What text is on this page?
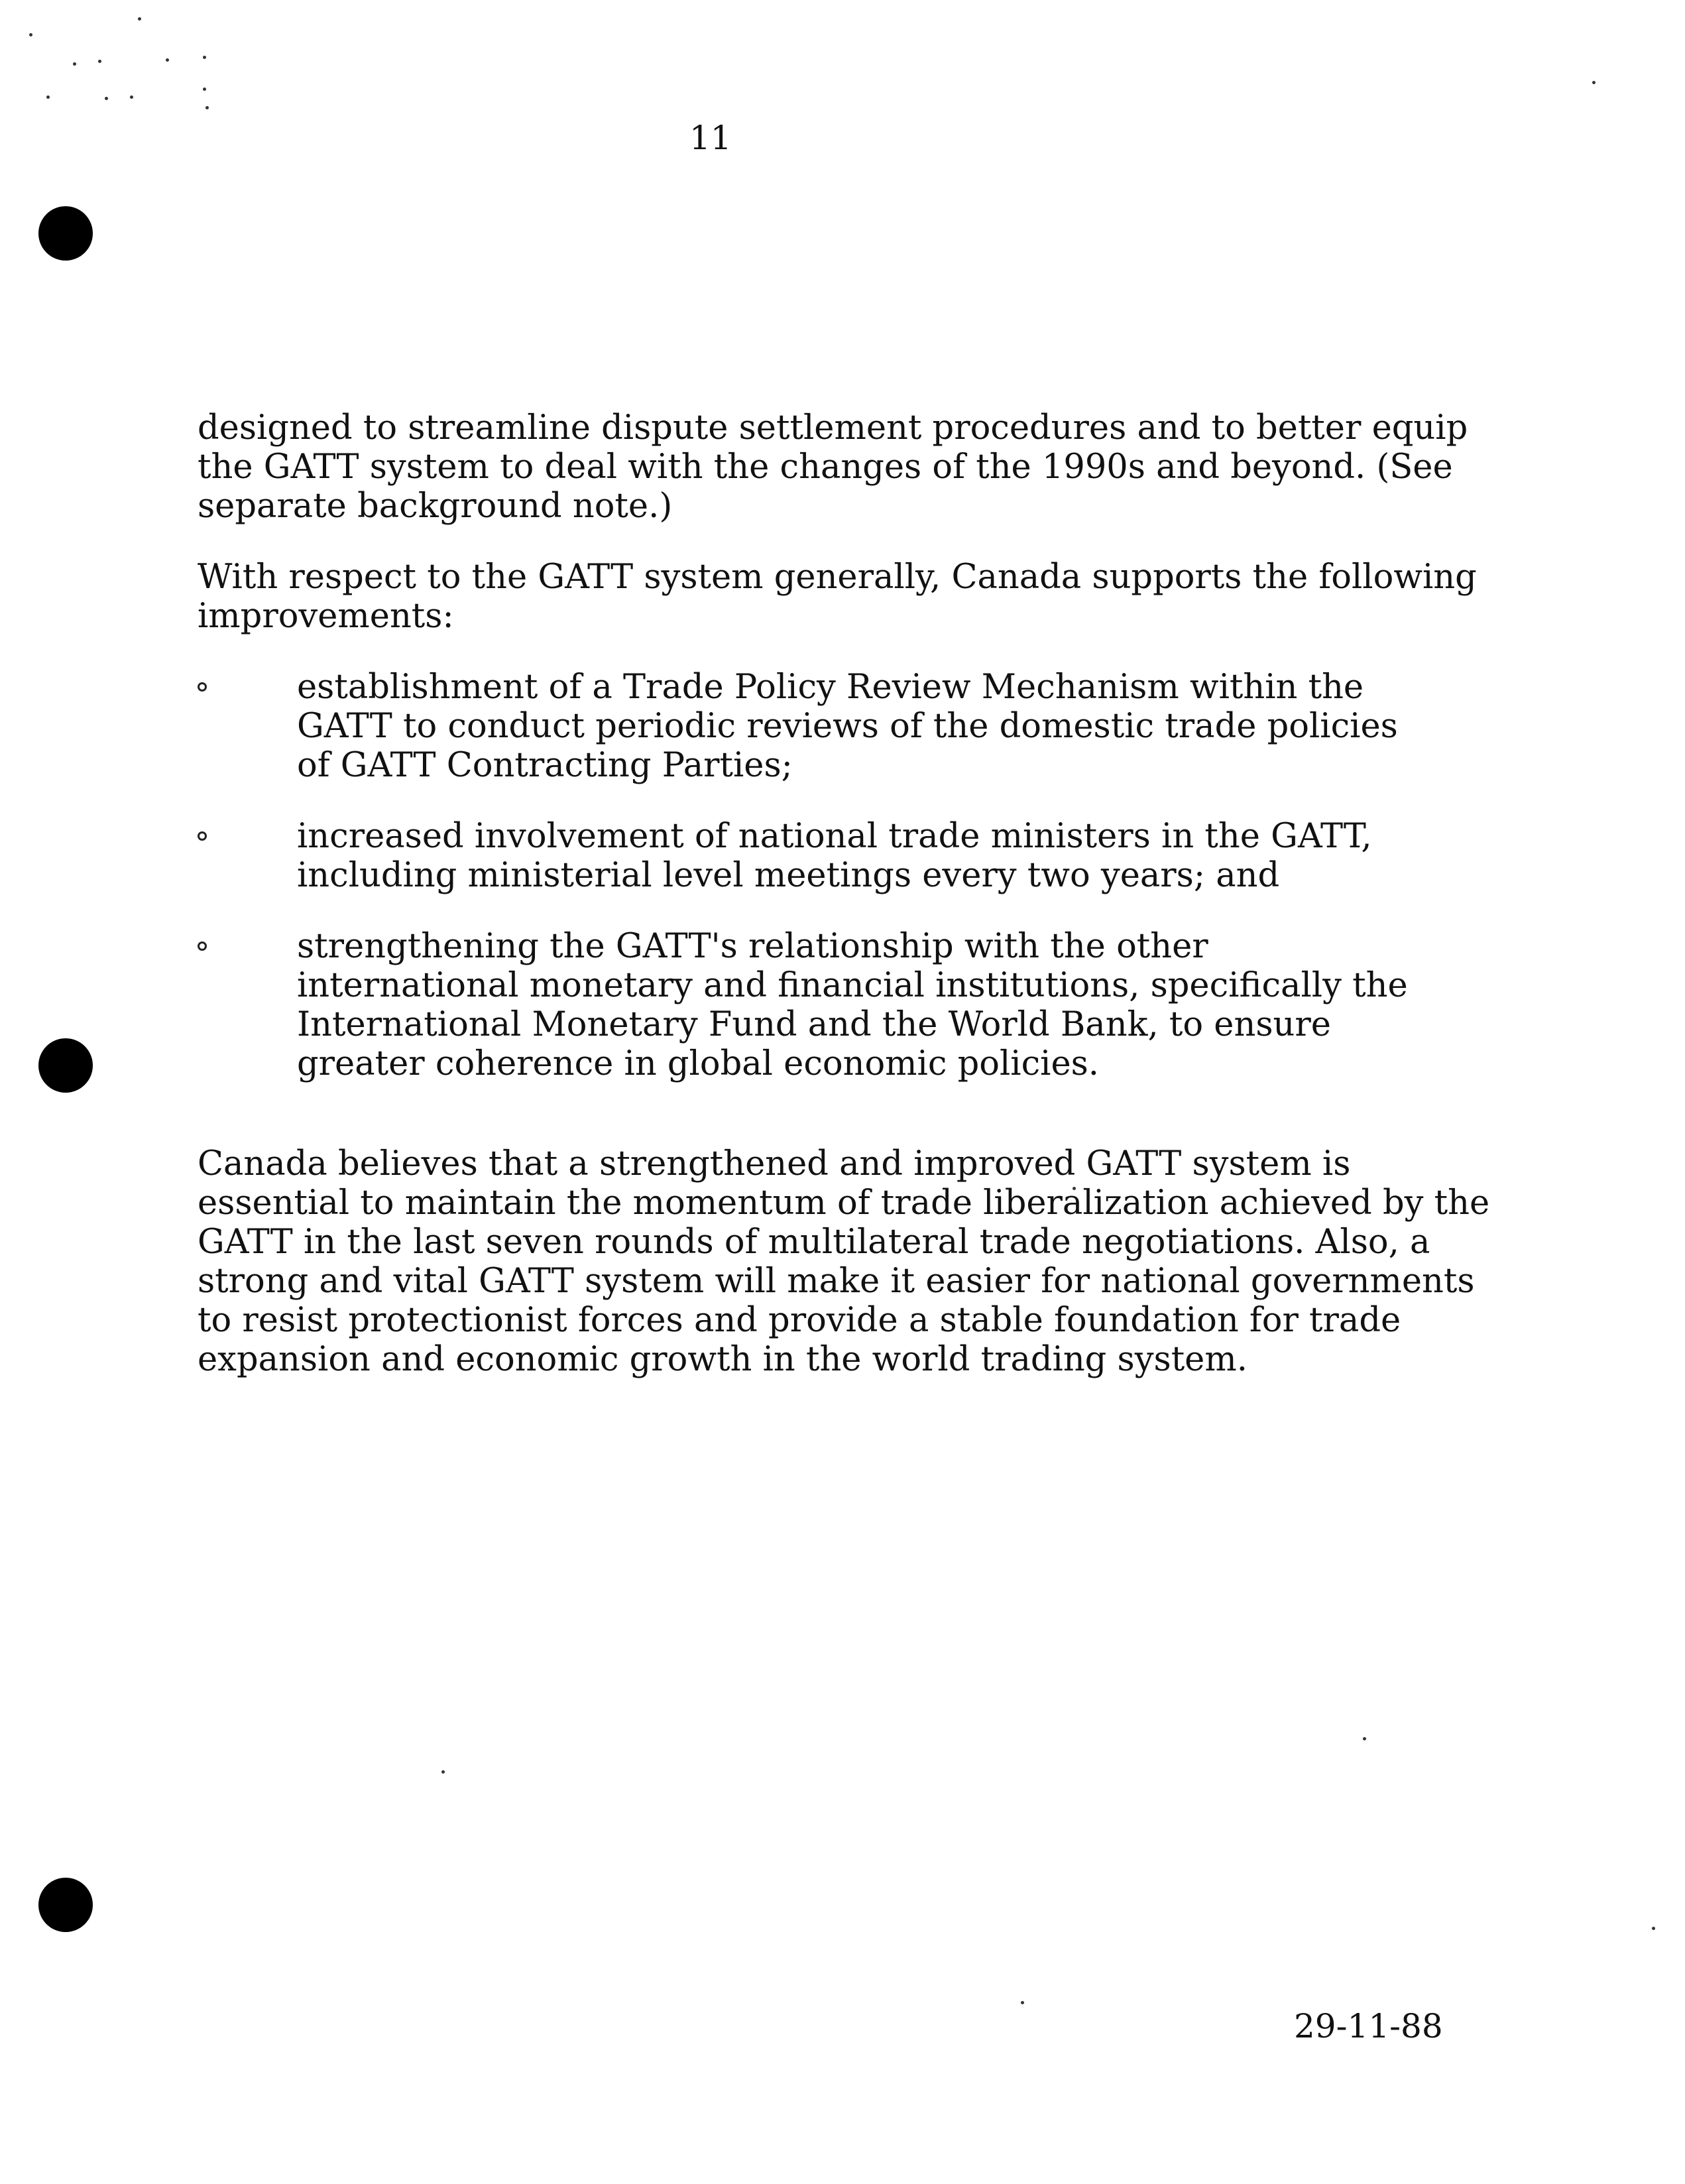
11

designed to streamline dispute settlement procedures and to better equip the GATT system to deal with the changes of the 1990s and beyond. (See separate background note.)

With respect to the GATT system generally, Canada supports the following improvements:

establishment of a Trade Policy Review Mechanism within the GATT to conduct periodic reviews of the domestic trade policies of GATT Contracting Parties;
increased involvement of national trade ministers in the GATT, including ministerial level meetings every two years; and
strengthening the GATT's relationship with the other international monetary and financial institutions, specifically the International Monetary Fund and the World Bank, to ensure greater coherence in global economic policies.

Canada believes that a strengthened and improved GATT system is essential to maintain the momentum of trade liberalization achieved by the GATT in the last seven rounds of multilateral trade negotiations. Also, a strong and vital GATT system will make it easier for national governments to resist protectionist forces and provide a stable foundation for trade expansion and economic growth in the world trading system.

29-11-88
